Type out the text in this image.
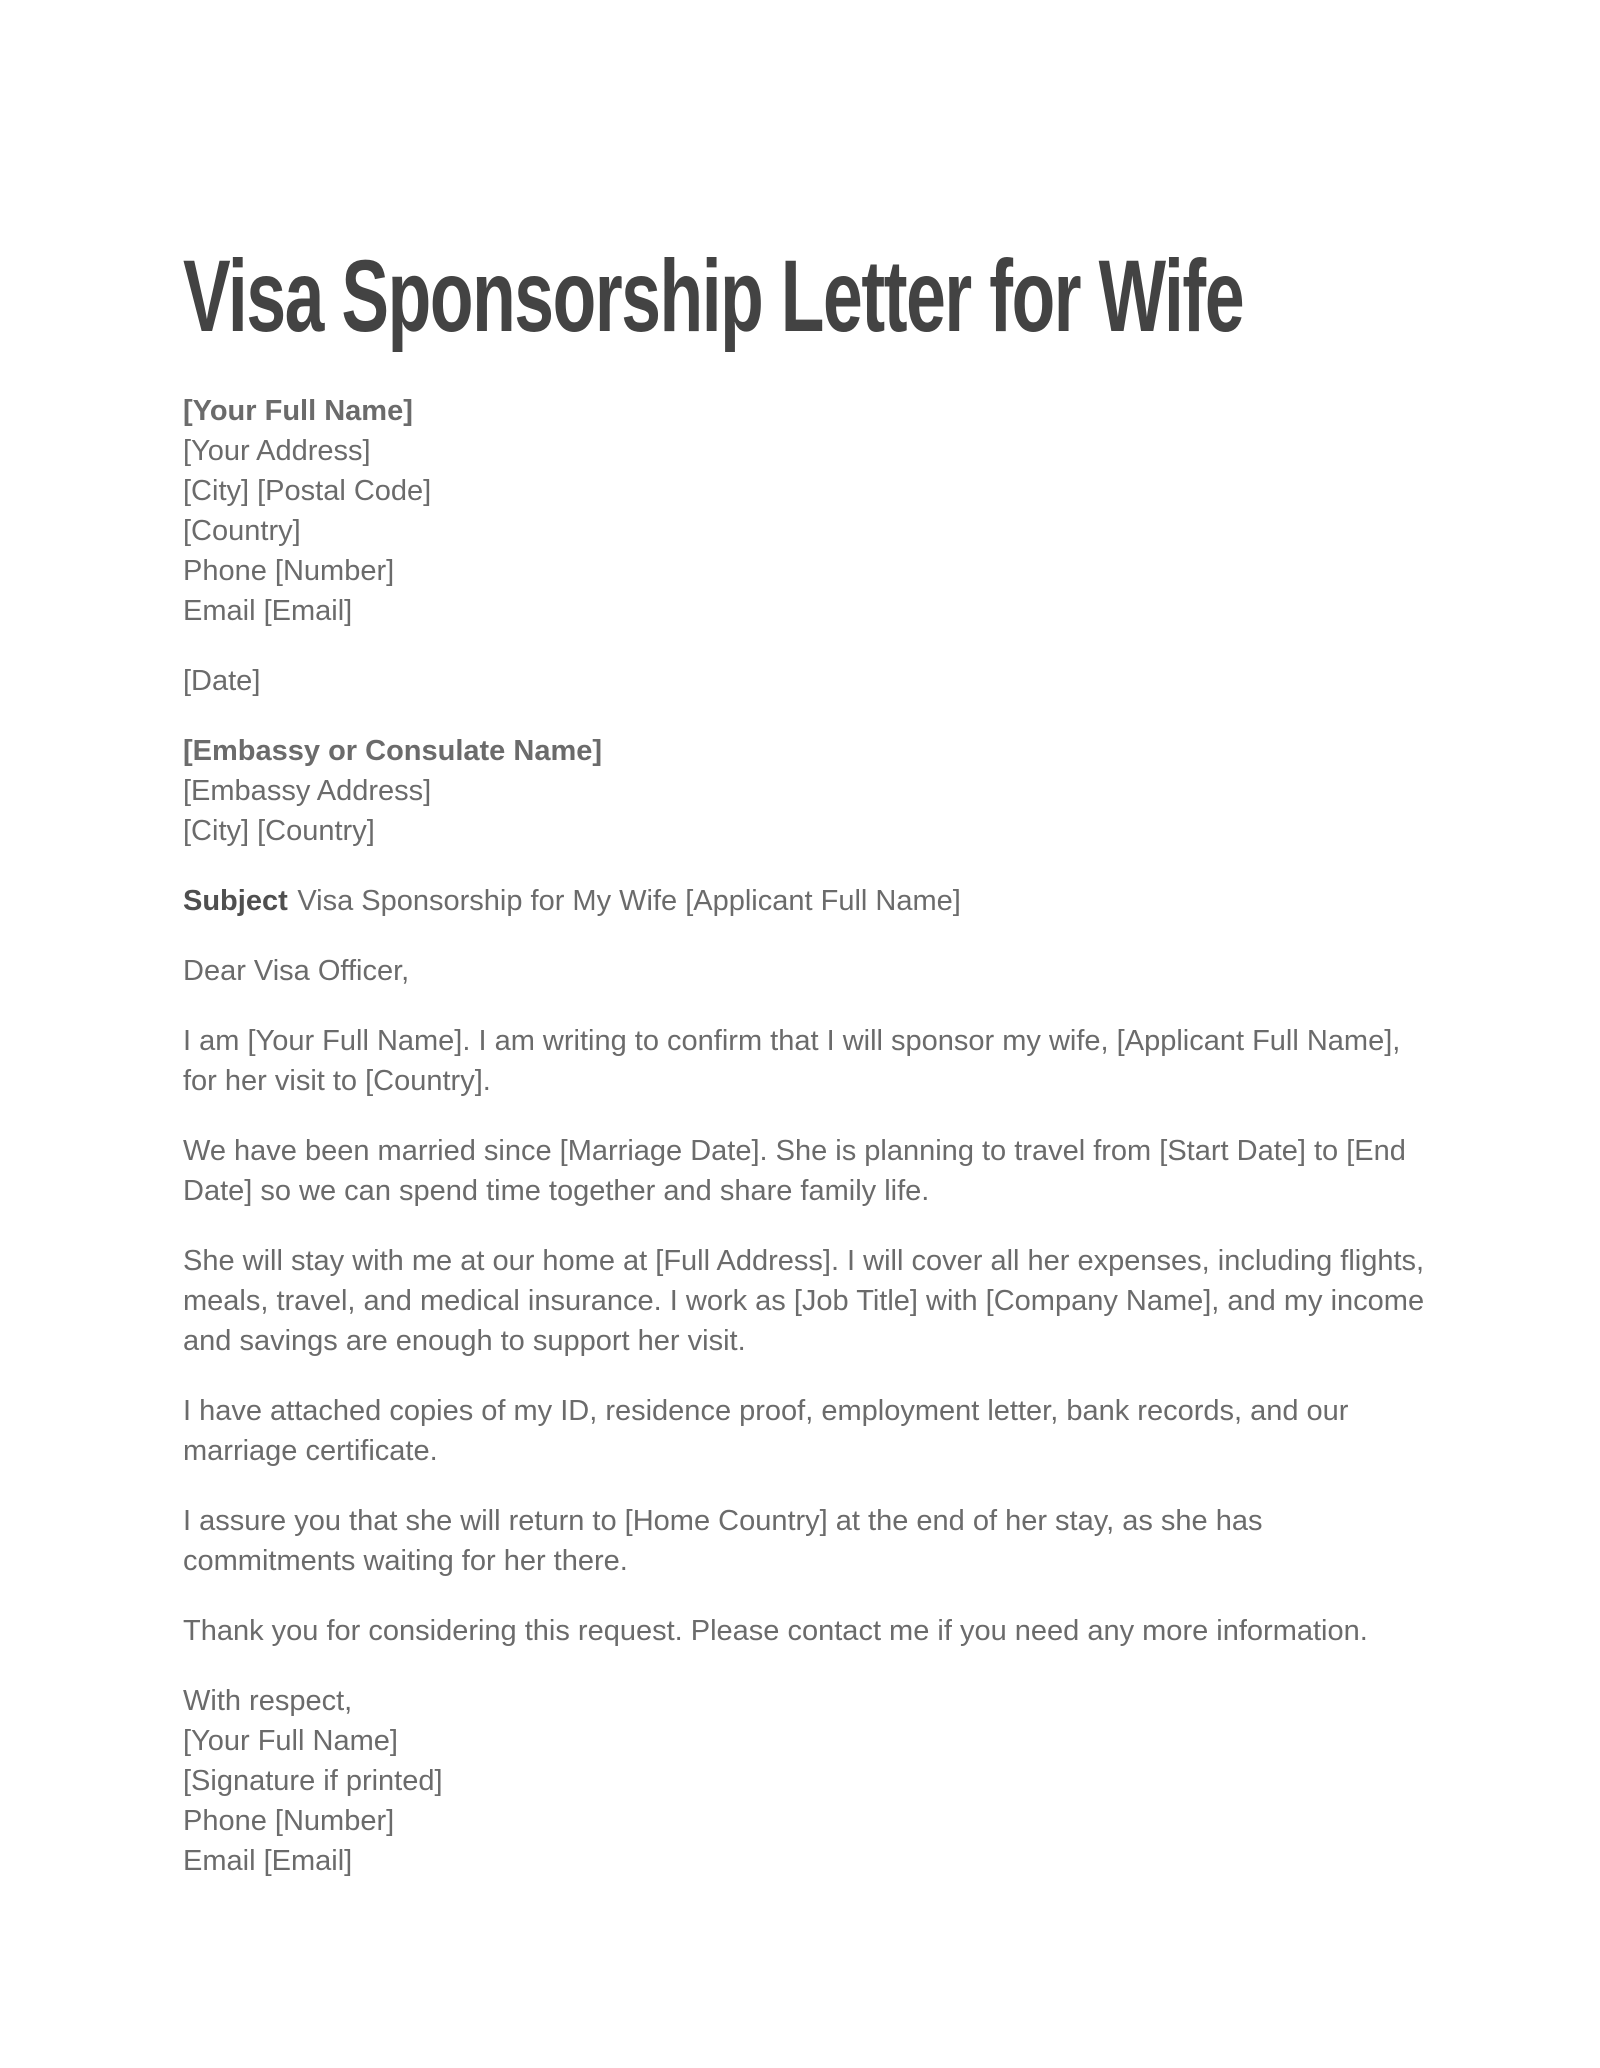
Visa Sponsorship Letter for Wife

[Your Full Name]

[Your Address]

[City] [Postal Code]

[Country]

Phone [Number]

Email [Email]

[Date]

[Embassy or Consulate Name]

[Embassy Address]

[City] [Country]

Subject Visa Sponsorship for My Wife [Applicant Full Name]

Dear Visa Officer,

I am [Your Full Name]. I am writing to confirm that I will sponsor my wife, [Applicant Full Name], for her visit to [Country].

We have been married since [Marriage Date]. She is planning to travel from [Start Date] to [End Date] so we can spend time together and share family life.

She will stay with me at our home at [Full Address]. I will cover all her expenses, including flights, meals, travel, and medical insurance. I work as [Job Title] with [Company Name], and my income and savings are enough to support her visit.

I have attached copies of my ID, residence proof, employment letter, bank records, and our marriage certificate.

I assure you that she will return to [Home Country] at the end of her stay, as she has commitments waiting for her there.

Thank you for considering this request. Please contact me if you need any more information.

With respect,

[Your Full Name]

[Signature if printed]

Phone [Number]

Email [Email]
